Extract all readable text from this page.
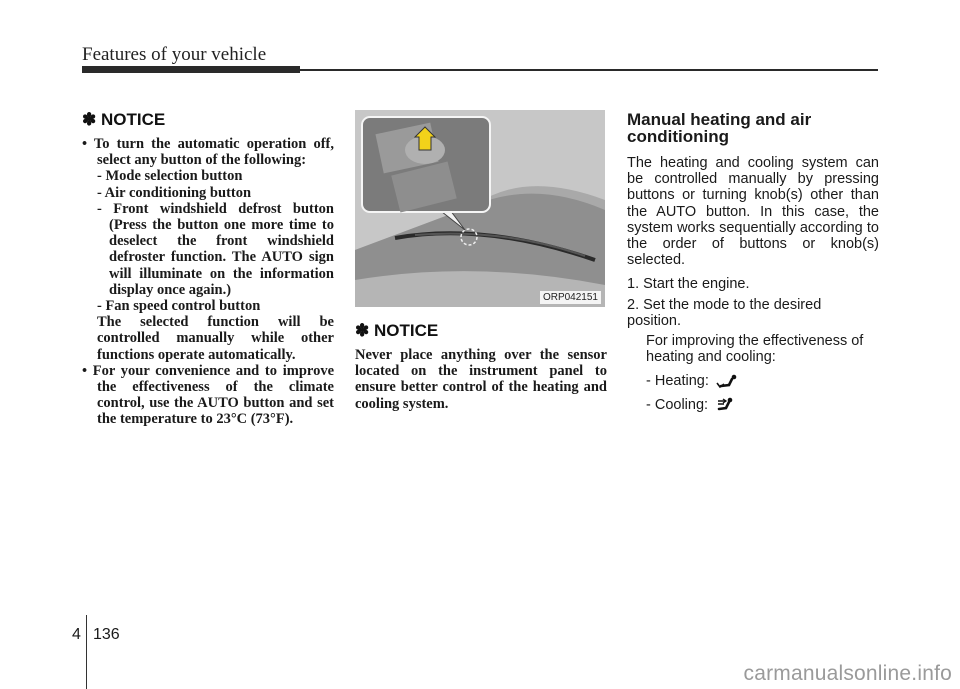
Features of your vehicle
✽ NOTICE
• To turn the automatic operation off, select any button of the following:
- Mode selection button
- Air conditioning button
- Front windshield defrost button (Press the button one more time to deselect the front windshield defroster function. The AUTO sign will illuminate on the information display once again.)
- Fan speed control button
The selected function will be controlled manually while other functions operate automatically.
• For your convenience and to improve the effectiveness of the climate control, use the AUTO button and set the temperature to 23°C (73°F).
ORP042151
✽ NOTICE
Never place anything over the sensor located on the instrument panel to ensure better control of the heating and cooling system.
Manual heating and air conditioning
The heating and cooling system can be controlled manually by pressing buttons or turning knob(s) other than the AUTO button. In this case, the system works sequentially according to the order of buttons or knob(s) selected.
1. Start the engine.
2. Set the mode to the desired position.
For improving the effectiveness of heating and cooling:
- Heating:
- Cooling:
4 136
carmanualsonline.info
